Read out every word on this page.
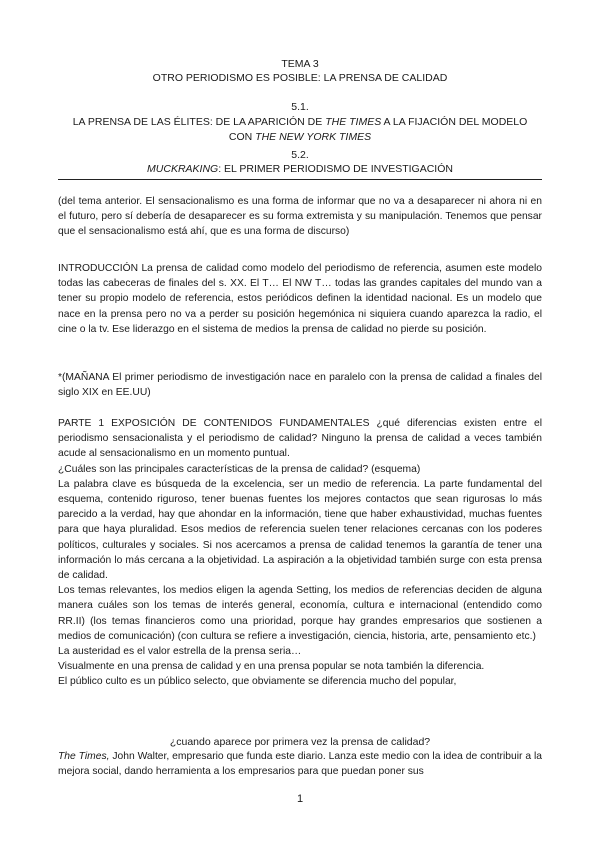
TEMA 3
OTRO PERIODISMO ES POSIBLE: LA PRENSA DE CALIDAD
5.1.
LA PRENSA DE LAS ÉLITES: DE LA APARICIÓN DE THE TIMES A LA FIJACIÓN DEL MODELO
CON THE NEW YORK TIMES
5.2.
MUCKRAKING: EL PRIMER PERIODISMO DE INVESTIGACIÓN

(del tema anterior. El sensacionalismo es una forma de informar que no va a desaparecer ni ahora ni en el futuro, pero sí debería de desaparecer es su forma extremista y su manipulación. Tenemos que pensar que el sensacionalismo está ahí, que es una forma de discurso)

INTRODUCCIÓN La prensa de calidad como modelo del periodismo de referencia, asumen este modelo todas las cabeceras de finales del s. XX. El T… El NW T… todas las grandes capitales del mundo van a tener su propio modelo de referencia, estos periódicos definen la identidad nacional. Es un modelo que nace en la prensa pero no va a perder su posición hegemónica ni siquiera cuando aparezca la radio, el cine o la tv. Ese liderazgo en el sistema de medios la prensa de calidad no pierde su posición.

*(MAÑANA El primer periodismo de investigación nace en paralelo con la prensa de calidad a finales del siglo XIX en EE.UU)

PARTE 1 EXPOSICIÓN DE CONTENIDOS FUNDAMENTALES ¿qué diferencias existen entre el periodismo sensacionalista y el periodismo de calidad? Ninguno la prensa de calidad a veces también acude al sensacionalismo en un momento puntual.

¿Cuáles son las principales características de la prensa de calidad? (esquema)

La palabra clave es búsqueda de la excelencia, ser un medio de referencia. La parte fundamental del esquema, contenido riguroso, tener buenas fuentes los mejores contactos que sean rigurosas lo más parecido a la verdad, hay que ahondar en la información, tiene que haber exhaustividad, muchas fuentes para que haya pluralidad. Esos medios de referencia suelen tener relaciones cercanas con los poderes políticos, culturales y sociales. Si nos acercamos a prensa de calidad tenemos la garantía de tener una información lo más cercana a la objetividad. La aspiración a la objetividad también surge con esta prensa de calidad.

Los temas relevantes, los medios eligen la agenda Setting, los medios de referencias deciden de alguna manera cuáles son los temas de interés general, economía, cultura e internacional (entendido como RR.II) (los temas financieros como una prioridad, porque hay grandes empresarios que sostienen a medios de comunicación) (con cultura se refiere a investigación, ciencia, historia, arte, pensamiento etc.)

La austeridad es el valor estrella de la prensa seria…

Visualmente en una prensa de calidad y en una prensa popular se nota también la diferencia.

El público culto es un público selecto, que obviamente se diferencia mucho del popular,

¿cuando aparece por primera vez la prensa de calidad?

The Times, John Walter, empresario que funda este diario. Lanza este medio con la idea de contribuir a la mejora social, dando herramienta a los empresarios para que puedan poner sus

1
